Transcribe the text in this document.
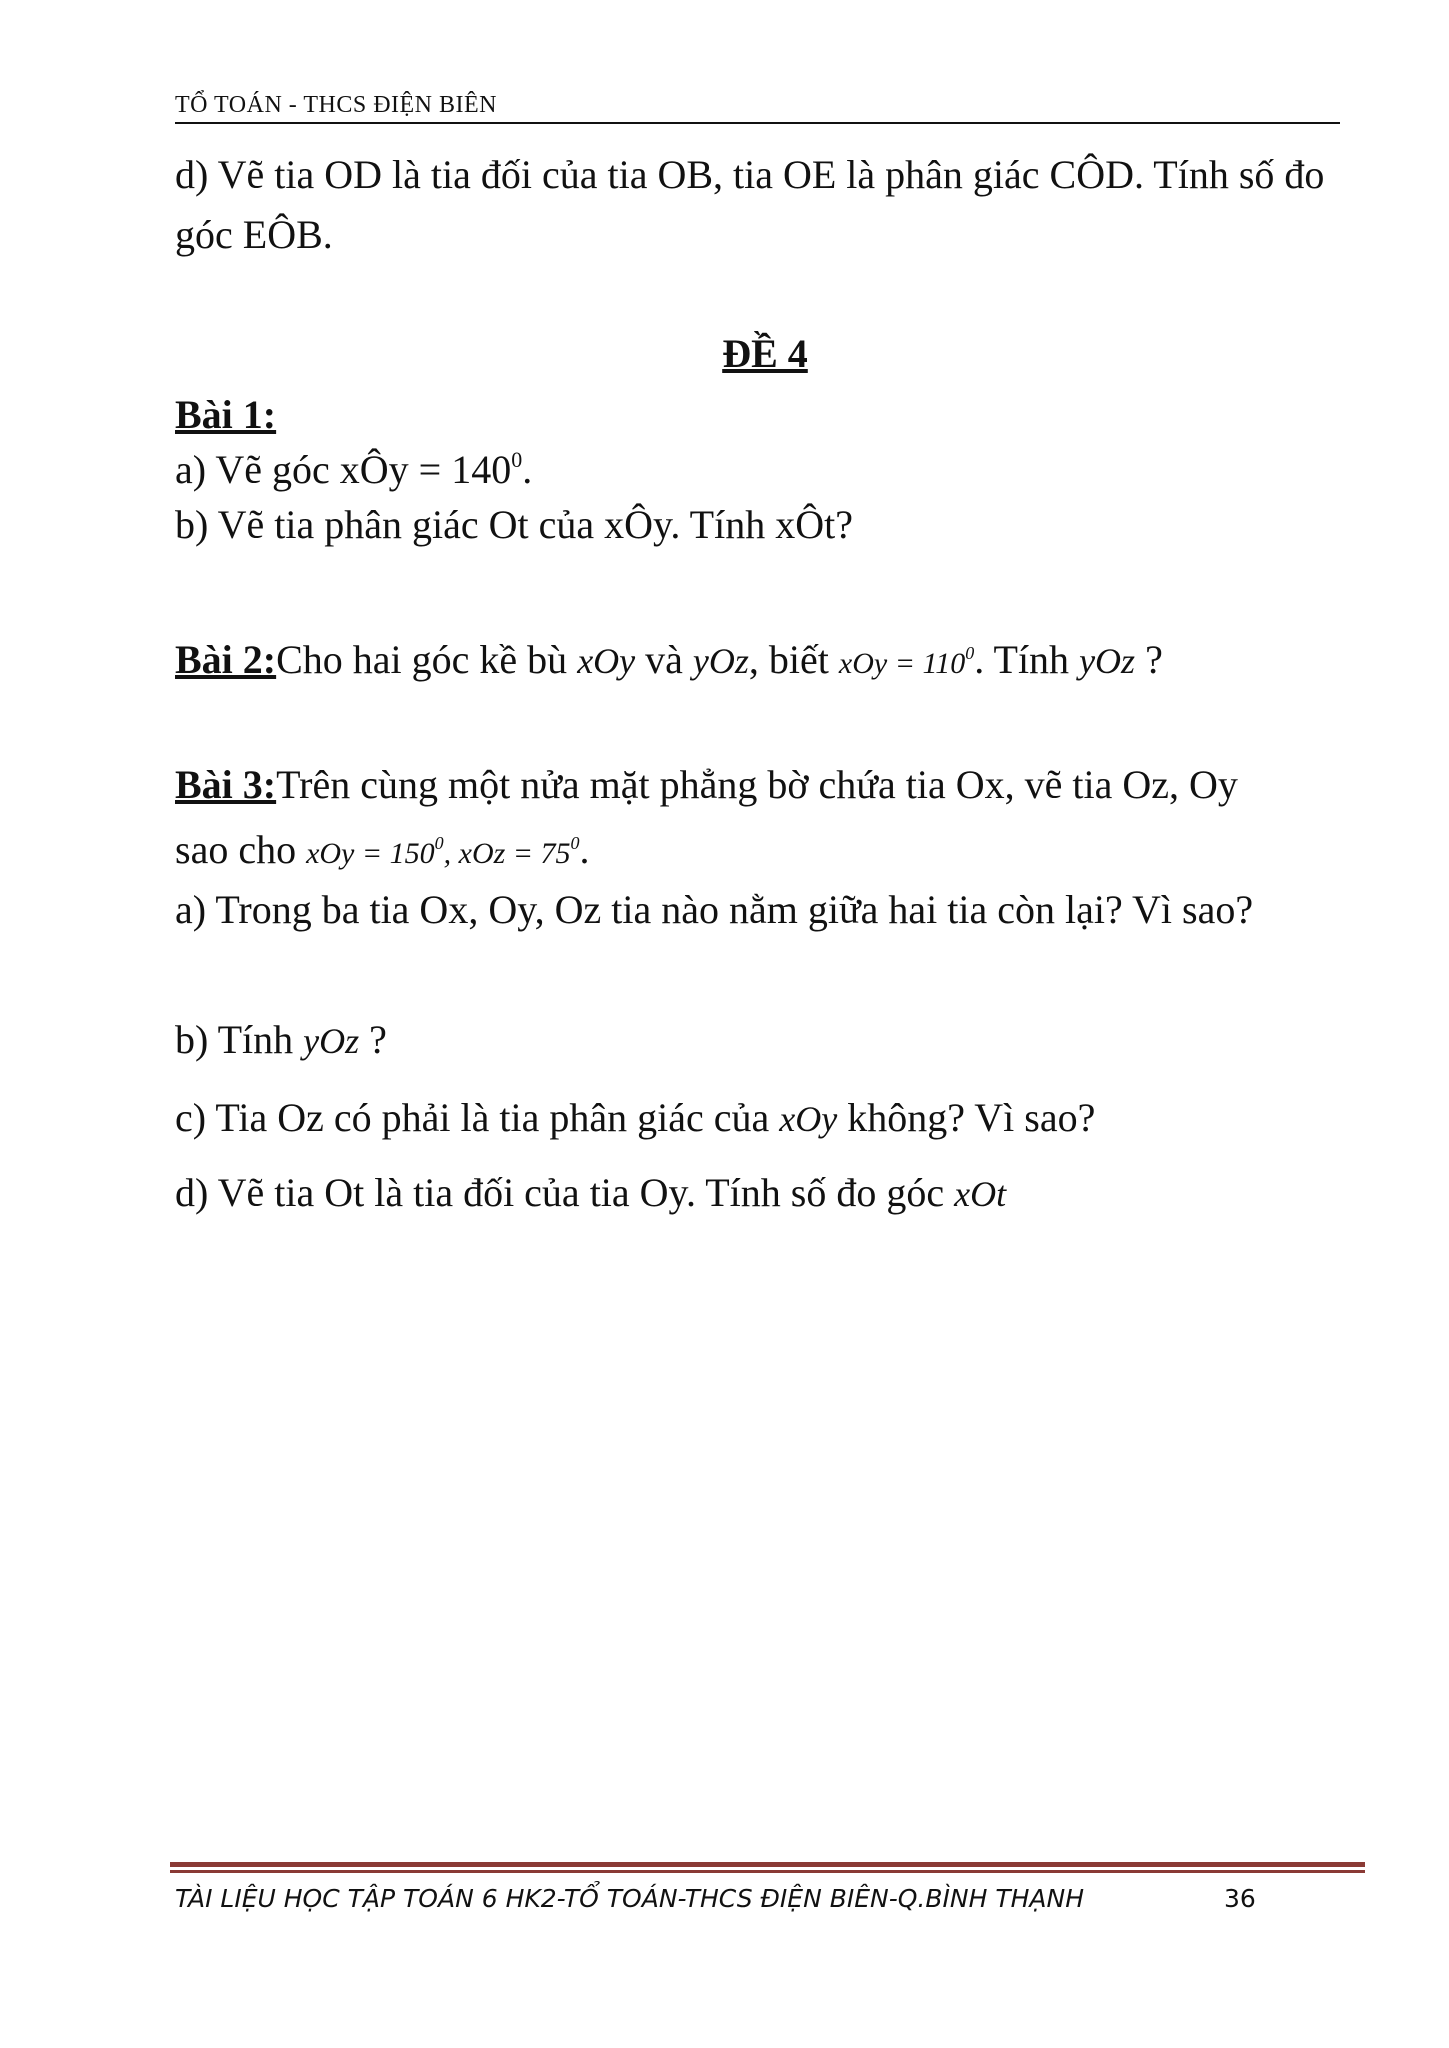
TỔ TOÁN - THCS ĐIỆN BIÊN
d) Vẽ tia OD là tia đối của tia OB, tia OE là phân giác CÔD. Tính số đo góc EÔB.
ĐỀ 4
Bài 1:
a) Vẽ góc xÔy = $140^0$.
b) Vẽ tia phân giác Ot của xÔy. Tính xÔt?
Bài 2:Cho hai góc kề bù xOy và yOz, biết xOy = $110^0$. Tính yOz ?
Bài 3:Trên cùng một nửa mặt phẳng bờ chứa tia Ox, vẽ tia Oz, Oy
sao cho xOy = $150^0$, xOz = $75^0$.
a) Trong ba tia Ox, Oy, Oz tia nào nằm giữa hai tia còn lại? Vì sao?
b) Tính yOz ?
c) Tia Oz có phải là tia phân giác của xOy không? Vì sao?
d) Vẽ tia Ot là tia đối của tia Oy. Tính số đo góc xOt
TÀI LIỆU HỌC TẬP TOÁN 6 HK2-TỔ TOÁN-THCS ĐIỆN BIÊN-Q.BÌNH THẠNH	36
